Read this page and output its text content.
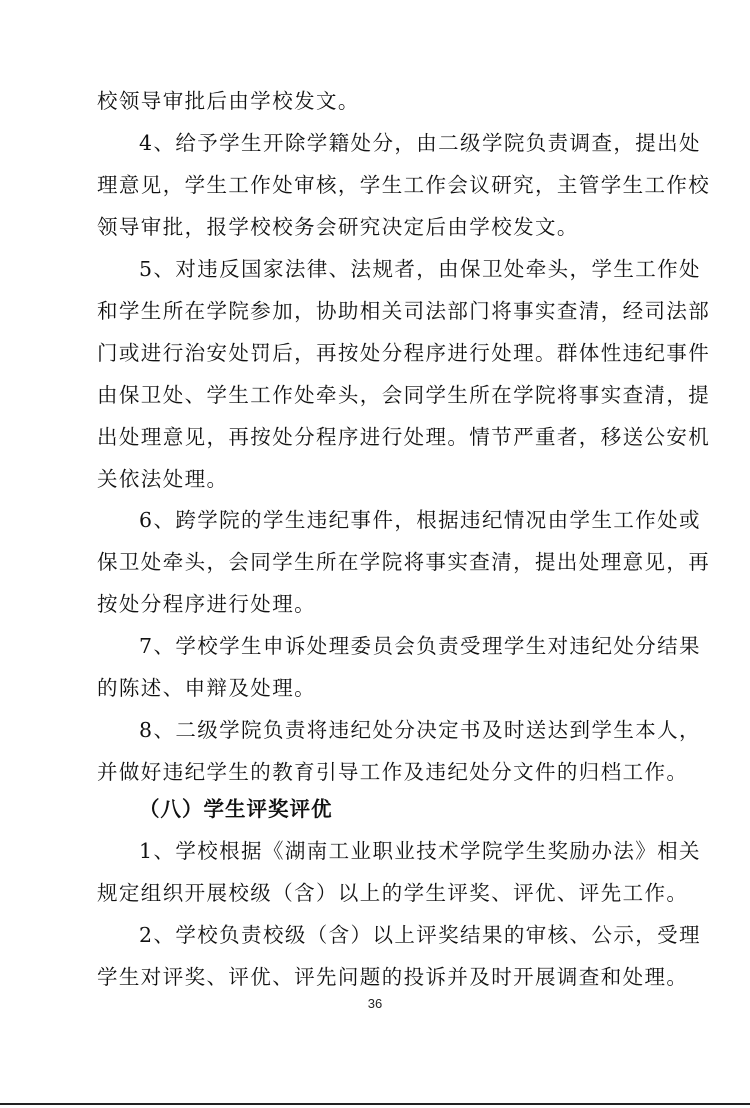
校领导审批后由学校发文。
4、给予学生开除学籍处分，由二级学院负责调查，提出处
理意见，学生工作处审核，学生工作会议研究，主管学生工作校
领导审批，报学校校务会研究决定后由学校发文。
5、对违反国家法律、法规者，由保卫处牵头，学生工作处
和学生所在学院参加，协助相关司法部门将事实查清，经司法部
门或进行治安处罚后，再按处分程序进行处理。群体性违纪事件
由保卫处、学生工作处牵头，会同学生所在学院将事实查清，提
出处理意见，再按处分程序进行处理。情节严重者，移送公安机
关依法处理。
6、跨学院的学生违纪事件，根据违纪情况由学生工作处或
保卫处牵头，会同学生所在学院将事实查清，提出处理意见，再
按处分程序进行处理。
7、学校学生申诉处理委员会负责受理学生对违纪处分结果
的陈述、申辩及处理。
8、二级学院负责将违纪处分决定书及时送达到学生本人，
并做好违纪学生的教育引导工作及违纪处分文件的归档工作。
（八）学生评奖评优
1、学校根据《湖南工业职业技术学院学生奖励办法》相关
规定组织开展校级（含）以上的学生评奖、评优、评先工作。
2、学校负责校级（含）以上评奖结果的审核、公示，受理
学生对评奖、评优、评先问题的投诉并及时开展调查和处理。
36
